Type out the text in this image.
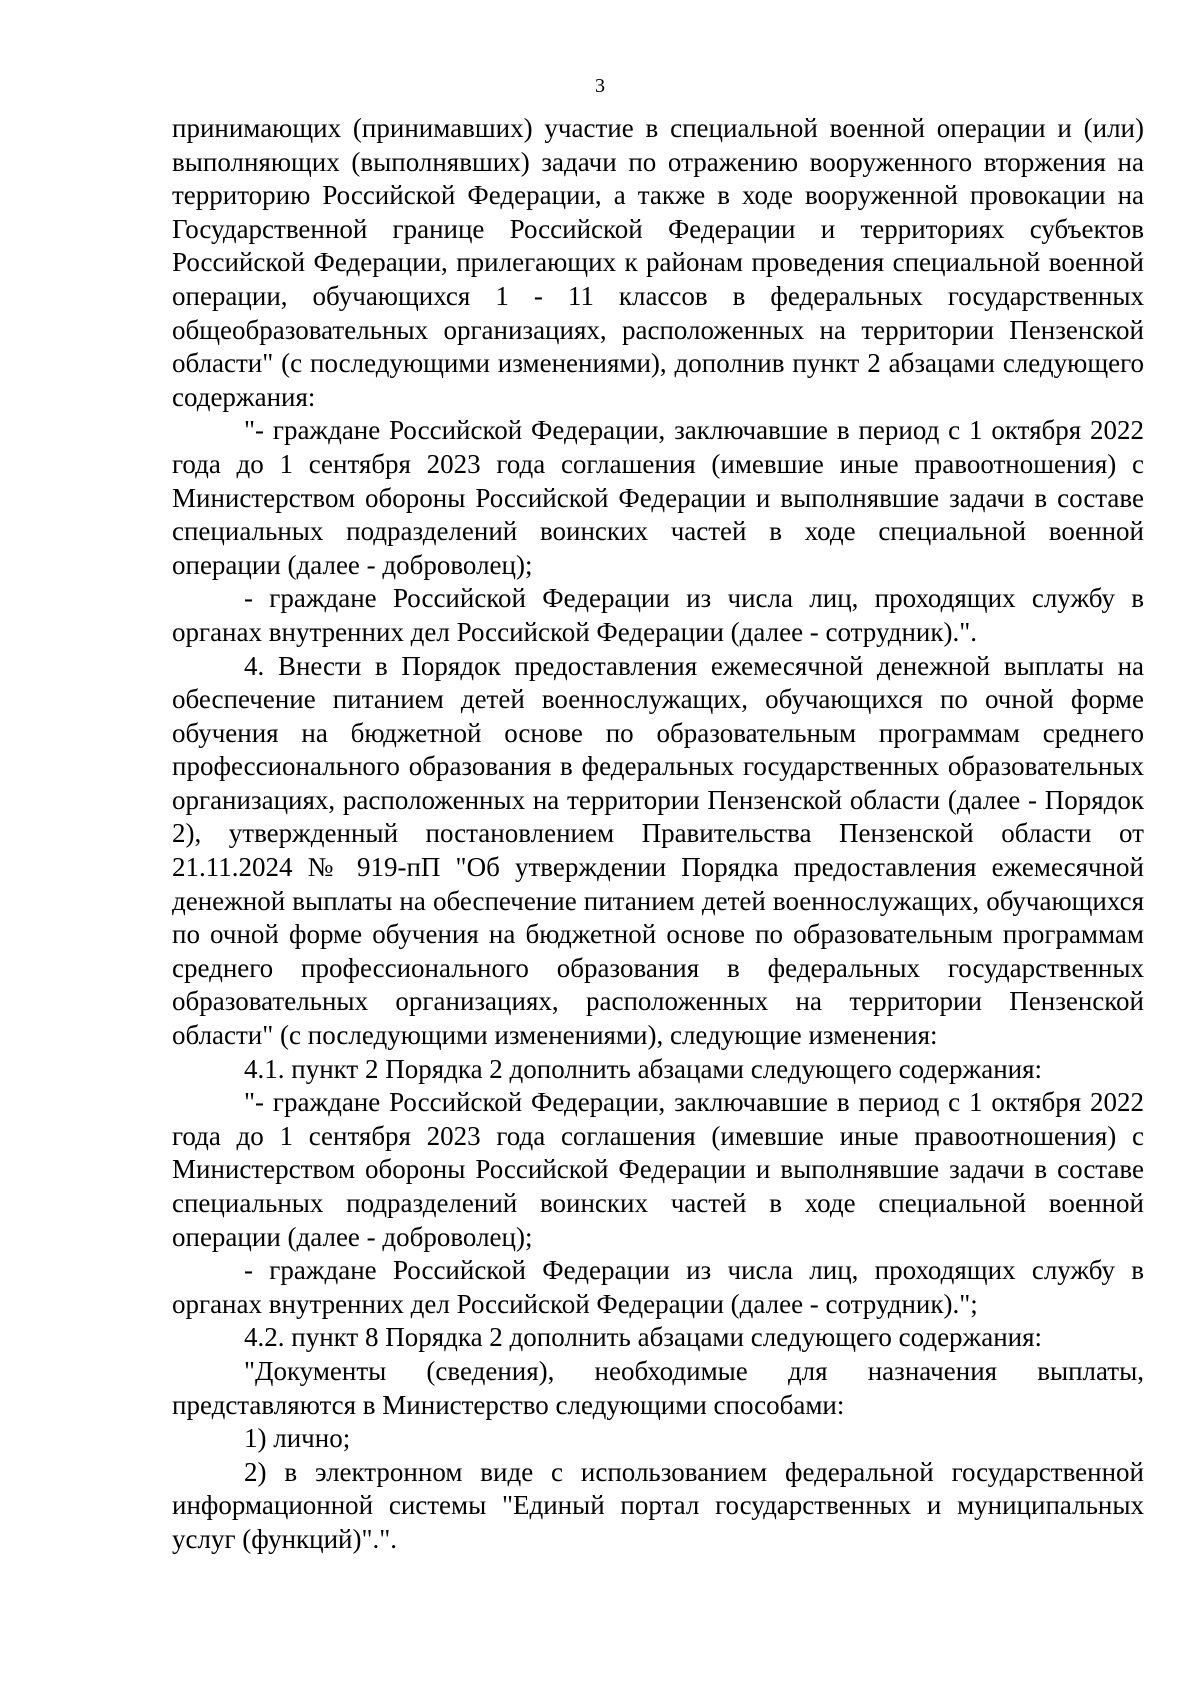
3

принимающих (принимавших) участие в специальной военной операции и (или) выполняющих (выполнявших) задачи по отражению вооруженного вторжения на территорию Российской Федерации, а также в ходе вооруженной провокации на Государственной границе Российской Федерации и территориях субъектов Российской Федерации, прилегающих к районам проведения специальной военной операции, обучающихся 1 - 11 классов в федеральных государственных общеобразовательных организациях, расположенных на территории Пензенской области" (с последующими изменениями), дополнив пункт 2 абзацами следующего содержания:

"- граждане Российской Федерации, заключавшие в период с 1 октября 2022 года до 1 сентября 2023 года соглашения (имевшие иные правоотношения) с Министерством обороны Российской Федерации и выполнявшие задачи в составе специальных подразделений воинских частей в ходе специальной военной операции (далее - доброволец);

- граждане Российской Федерации из числа лиц, проходящих службу в органах внутренних дел Российской Федерации (далее - сотрудник).".

4. Внести в Порядок предоставления ежемесячной денежной выплаты на обеспечение питанием детей военнослужащих, обучающихся по очной форме обучения на бюджетной основе по образовательным программам среднего профессионального образования в федеральных государственных образовательных организациях, расположенных на территории Пензенской области (далее - Порядок 2), утвержденный постановлением Правительства Пензенской области от 21.11.2024 № 919-пП "Об утверждении Порядка предоставления ежемесячной денежной выплаты на обеспечение питанием детей военнослужащих, обучающихся по очной форме обучения на бюджетной основе по образовательным программам среднего профессионального образования в федеральных государственных образовательных организациях, расположенных на территории Пензенской области" (с последующими изменениями), следующие изменения:

4.1. пункт 2 Порядка 2 дополнить абзацами следующего содержания:

"- граждане Российской Федерации, заключавшие в период с 1 октября 2022 года до 1 сентября 2023 года соглашения (имевшие иные правоотношения) с Министерством обороны Российской Федерации и выполнявшие задачи в составе специальных подразделений воинских частей в ходе специальной военной операции (далее - доброволец);

- граждане Российской Федерации из числа лиц, проходящих службу в органах внутренних дел Российской Федерации (далее - сотрудник).";

4.2. пункт 8 Порядка 2 дополнить абзацами следующего содержания:

"Документы (сведения), необходимые для назначения выплаты, представляются в Министерство следующими способами:

1) лично;

2) в электронном виде с использованием федеральной государственной информационной системы "Единый портал государственных и муниципальных услуг (функций)".".
